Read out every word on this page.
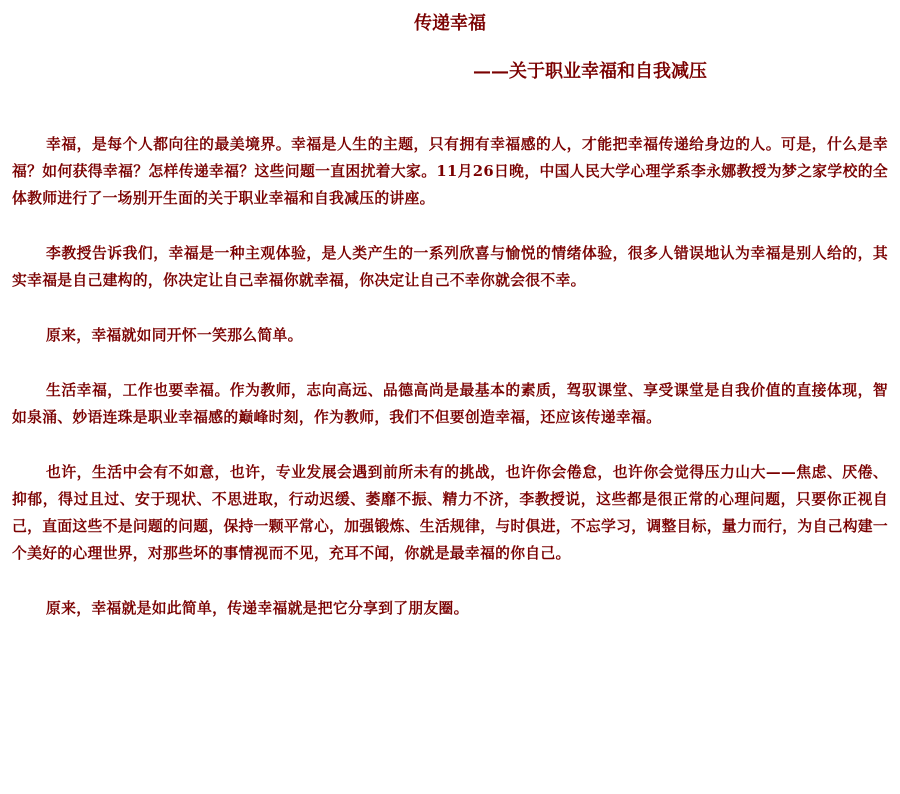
传递幸福
——关于职业幸福和自我减压

幸福，是每个人都向往的最美境界。幸福是人生的主题，只有拥有幸福感的人，才能把幸福传递给身边的人。可是，什么是幸福？如何获得幸福？怎样传递幸福？这些问题一直困扰着大家。11月26日晚，中国人民大学心理学系李永娜教授为梦之家学校的全体教师进行了一场别开生面的关于职业幸福和自我减压的讲座。

李教授告诉我们，幸福是一种主观体验，是人类产生的一系列欣喜与愉悦的情绪体验，很多人错误地认为幸福是别人给的，其实幸福是自己建构的，你决定让自己幸福你就幸福，你决定让自己不幸你就会很不幸。

原来，幸福就如同开怀一笑那么简单。

生活幸福，工作也要幸福。作为教师，志向高远、品德高尚是最基本的素质，驾驭课堂、享受课堂是自我价值的直接体现，智如泉涌、妙语连珠是职业幸福感的巅峰时刻，作为教师，我们不但要创造幸福，还应该传递幸福。

也许，生活中会有不如意，也许，专业发展会遇到前所未有的挑战，也许你会倦怠，也许你会觉得压力山大——焦虑、厌倦、抑郁，得过且过、安于现状、不思进取，行动迟缓、萎靡不振、精力不济，李教授说，这些都是很正常的心理问题，只要你正视自己，直面这些不是问题的问题，保持一颗平常心，加强锻炼、生活规律，与时俱进，不忘学习，调整目标，量力而行，为自己构建一个美好的心理世界，对那些坏的事情视而不见，充耳不闻，你就是最幸福的你自己。

原来，幸福就是如此简单，传递幸福就是把它分享到了朋友圈。
